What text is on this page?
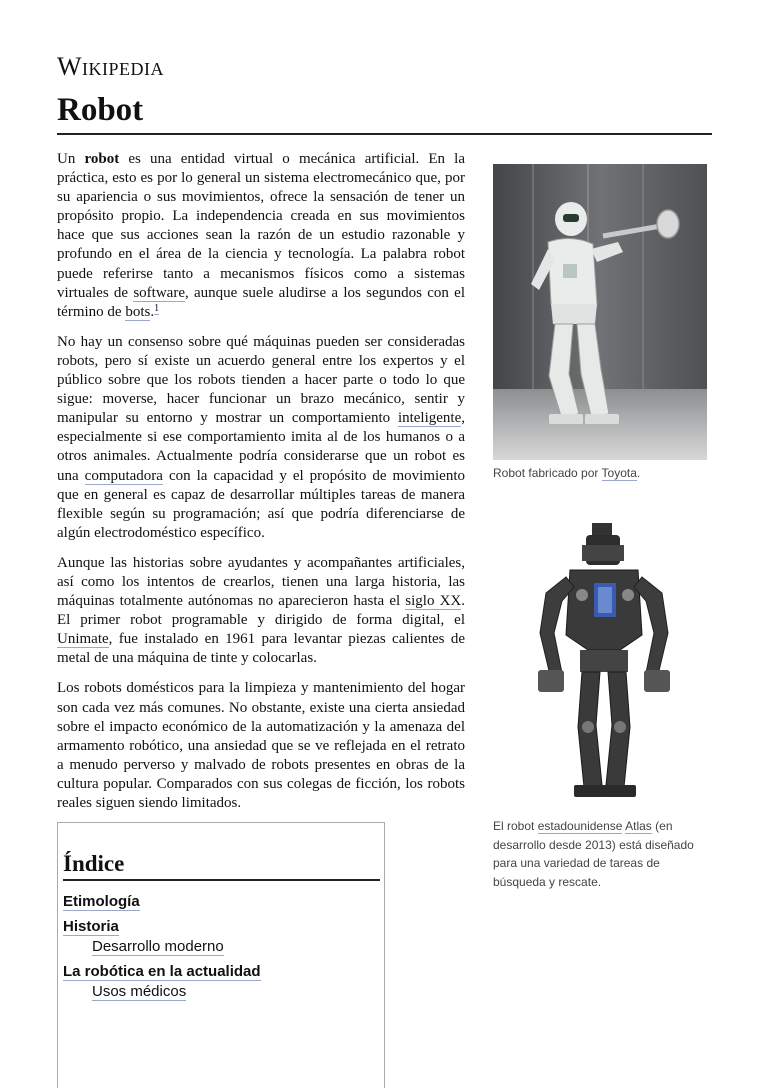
Wikipedia
Robot

Un robot es una entidad virtual o mecánica artificial. En la práctica, esto es por lo general un sistema electromecánico que, por su apariencia o sus movimientos, ofrece la sensación de tener un propósito propio. La independencia creada en sus movimientos hace que sus acciones sean la razón de un estudio razonable y profundo en el área de la ciencia y tecnología. La palabra robot puede referirse tanto a mecanismos físicos como a sistemas virtuales de software, aunque suele aludirse a los segundos con el término de bots.$^1$

No hay un consenso sobre qué máquinas pueden ser consideradas robots, pero sí existe un acuerdo general entre los expertos y el público sobre que los robots tienden a hacer parte o todo lo que sigue: moverse, hacer funcionar un brazo mecánico, sentir y manipular su entorno y mostrar un comportamiento inteligente, especialmente si ese comportamiento imita al de los humanos o a otros animales. Actualmente podría considerarse que un robot es una computadora con la capacidad y el propósito de movimiento que en general es capaz de desarrollar múltiples tareas de manera flexible según su programación; así que podría diferenciarse de algún electrodoméstico específico.

Aunque las historias sobre ayudantes y acompañantes artificiales, así como los intentos de crearlos, tienen una larga historia, las máquinas totalmente autónomas no aparecieron hasta el siglo XX. El primer robot programable y dirigido de forma digital, el Unimate, fue instalado en 1961 para levantar piezas calientes de metal de una máquina de tinte y colocarlas.

Los robots domésticos para la limpieza y mantenimiento del hogar son cada vez más comunes. No obstante, existe una cierta ansiedad sobre el impacto económico de la automatización y la amenaza del armamento robótico, una ansiedad que se ve reflejada en el retrato a menudo perverso y malvado de robots presentes en obras de la cultura popular. Comparados con sus colegas de ficción, los robots reales siguen siendo limitados.

Índice
Etimología
Historia
Desarrollo moderno
La robótica en la actualidad
Usos médicos
Robot fabricado por Toyota.
El robot estadounidense Atlas (en desarrollo desde 2013) está diseñado para una variedad de tareas de búsqueda y rescate.
